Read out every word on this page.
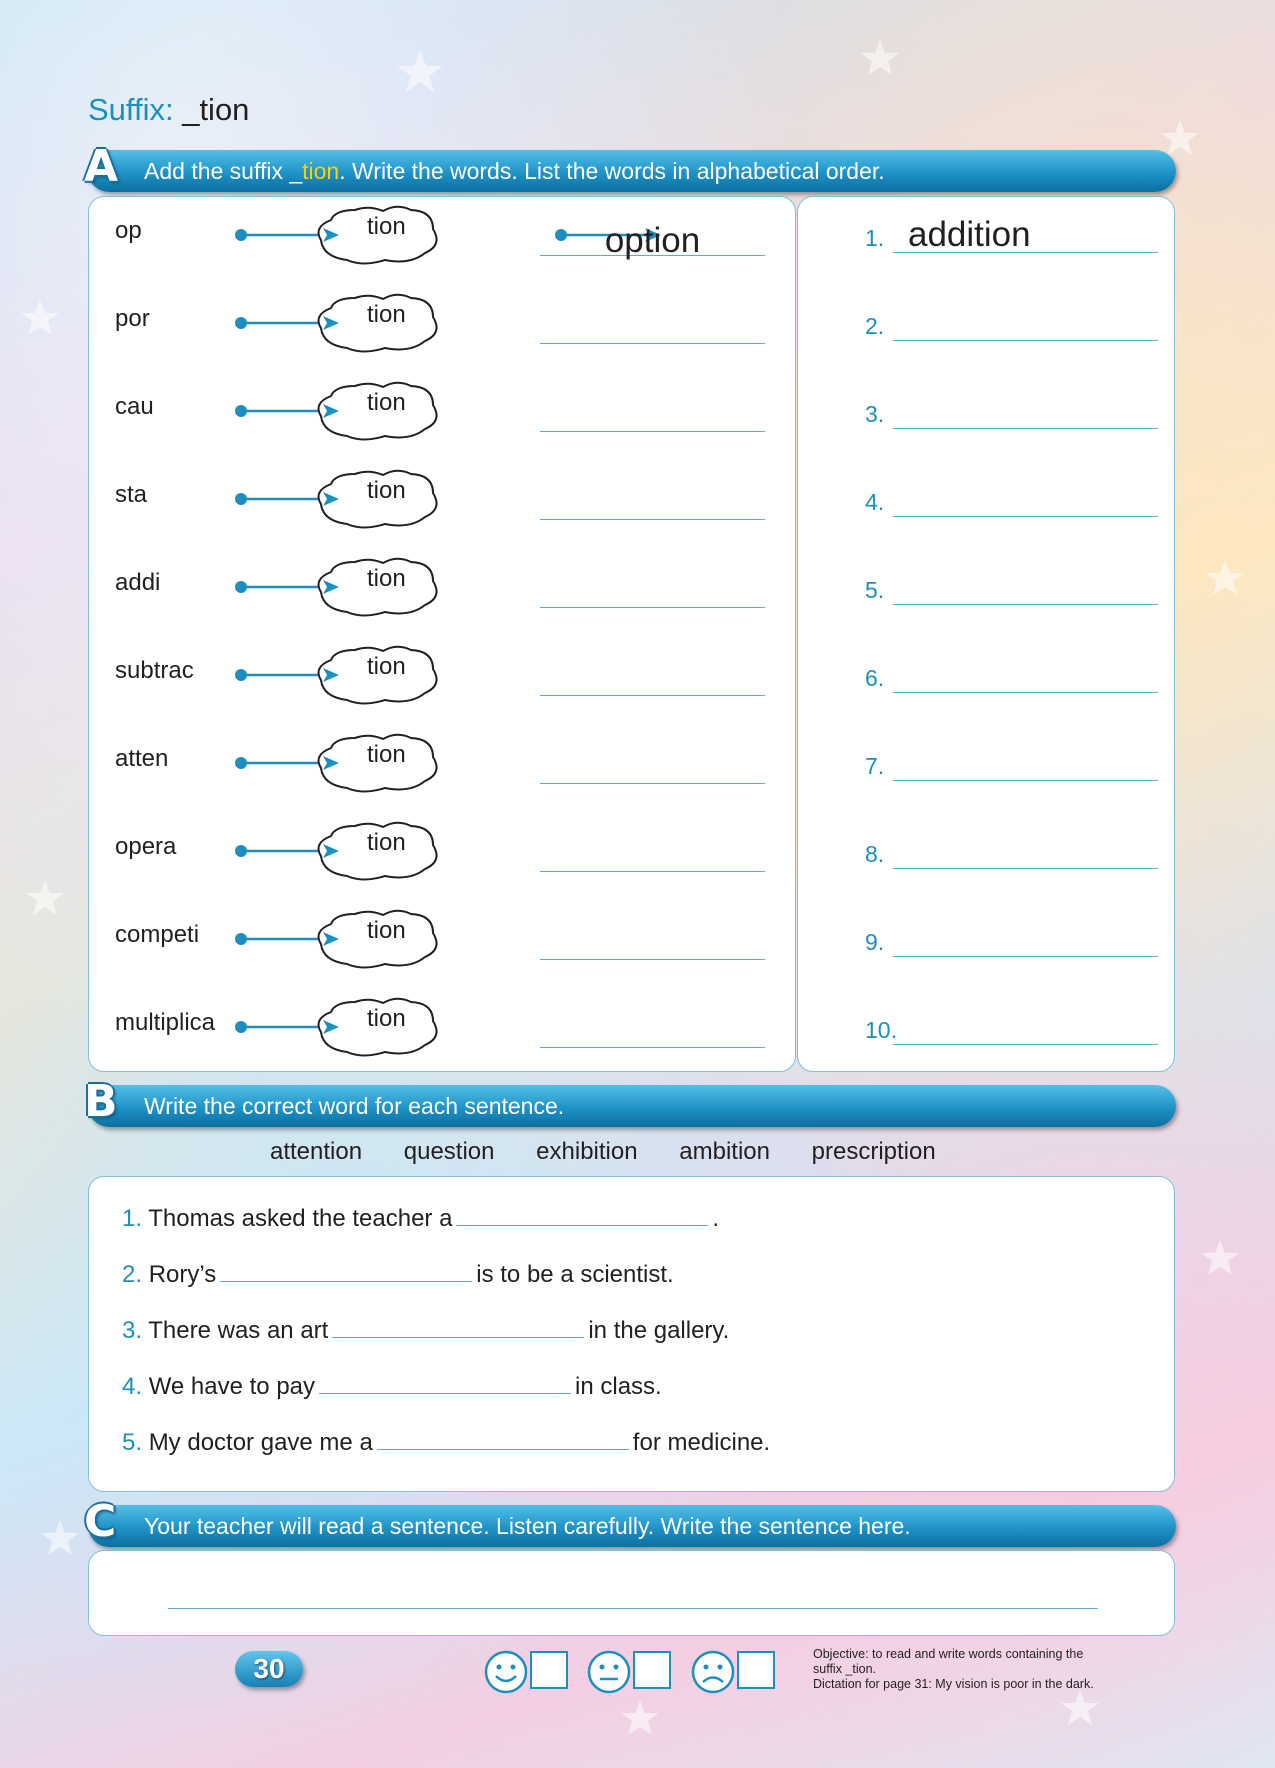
Suffix: _tion
A Add the suffix _tion. Write the words. List the words in alphabetical order.
op	tion	option
por	tion
cau	tion
sta	tion
addi	tion
subtrac	tion
atten	tion
opera	tion
competi	tion
multiplica	tion
1. addition
2.
3.
4.
5.
6.
7.
8.
9.
10.
B Write the correct word for each sentence.
attention question exhibition ambition prescription
1. Thomas asked the teacher a	.
2. Rory’s	is to be a scientist.
3. There was an art	in the gallery.
4. We have to pay	in class.
5. My doctor gave me a	for medicine.
C Your teacher will read a sentence. Listen carefully. Write the sentence here.
30	Objective: to read and write words containing the
suffix _tion.
Dictation for page 31: My vision is poor in the dark.
